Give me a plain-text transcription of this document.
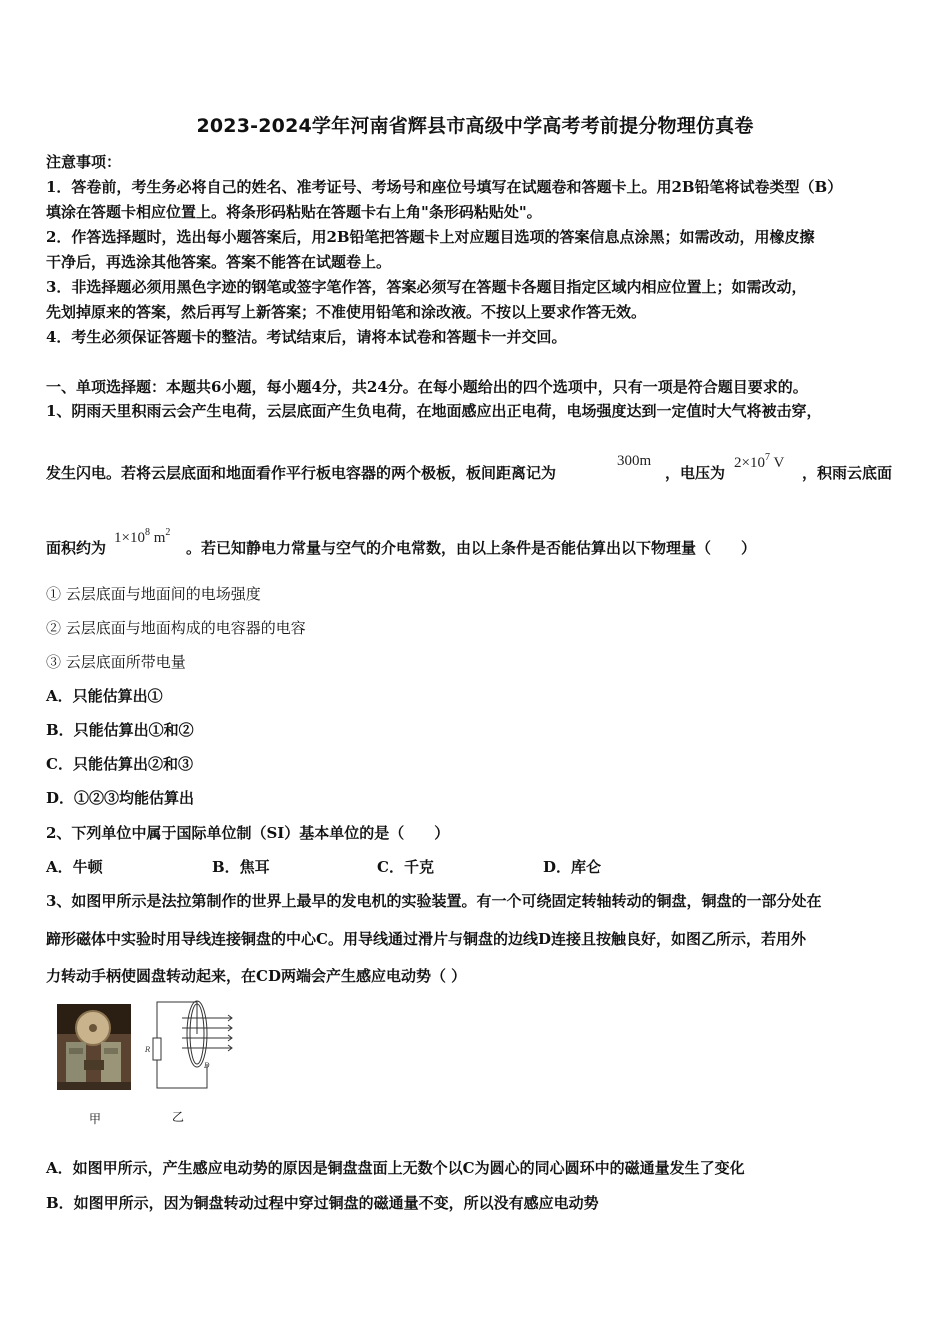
2023-2024学年河南省辉县市高级中学高考考前提分物理仿真卷
注意事项：
1．答卷前，考生务必将自己的姓名、准考证号、考场号和座位号填写在试题卷和答题卡上。用2B铅笔将试卷类型（B）
填涂在答题卡相应位置上。将条形码粘贴在答题卡右上角"条形码粘贴处"。
2．作答选择题时，选出每小题答案后，用2B铅笔把答题卡上对应题目选项的答案信息点涂黑；如需改动，用橡皮擦
干净后，再选涂其他答案。答案不能答在试题卷上。
3．非选择题必须用黑色字迹的钢笔或签字笔作答，答案必须写在答题卡各题目指定区域内相应位置上；如需改动，
先划掉原来的答案，然后再写上新答案；不准使用铅笔和涂改液。不按以上要求作答无效。
4．考生必须保证答题卡的整洁。考试结束后，请将本试卷和答题卡一并交回。
一、单项选择题：本题共6小题，每小题4分，共24分。在每小题给出的四个选项中，只有一项是符合题目要求的。
1、阴雨天里积雨云会产生电荷，云层底面产生负电荷，在地面感应出正电荷，电场强度达到一定值时大气将被击穿，
发生闪电。若将云层底面和地面看作平行板电容器的两个极板，板间距离记为
300m
，电压为
$2\times 10^7$ V
，积雨云底面
面积约为
$1\times 10^8$ $m^2$
。若已知静电力常量与空气的介电常数，由以上条件是否能估算出以下物理量（　　）
① 云层底面与地面间的电场强度
② 云层底面与地面构成的电容器的电容
③ 云层底面所带电量
A．只能估算出①
B．只能估算出①和②
C．只能估算出②和③
D．①②③均能估算出
2、下列单位中属于国际单位制（SI）基本单位的是（　　）
A．牛顿	B．焦耳	C．千克	D．库仑
3、如图甲所示是法拉第制作的世界上最早的发电机的实验装置。有一个可绕固定转轴转动的铜盘，铜盘的一部分处在
蹄形磁体中实验时用导线连接铜盘的中心C。用导线通过滑片与铜盘的边线D连接且按触良好，如图乙所示，若用外
力转动手柄使圆盘转动起来，在CD两端会产生感应电动势（ ）
R
D
甲	乙
A．如图甲所示，产生感应电动势的原因是铜盘盘面上无数个以C为圆心的同心圆环中的磁通量发生了变化
B．如图甲所示，因为铜盘转动过程中穿过铜盘的磁通量不变，所以没有感应电动势
